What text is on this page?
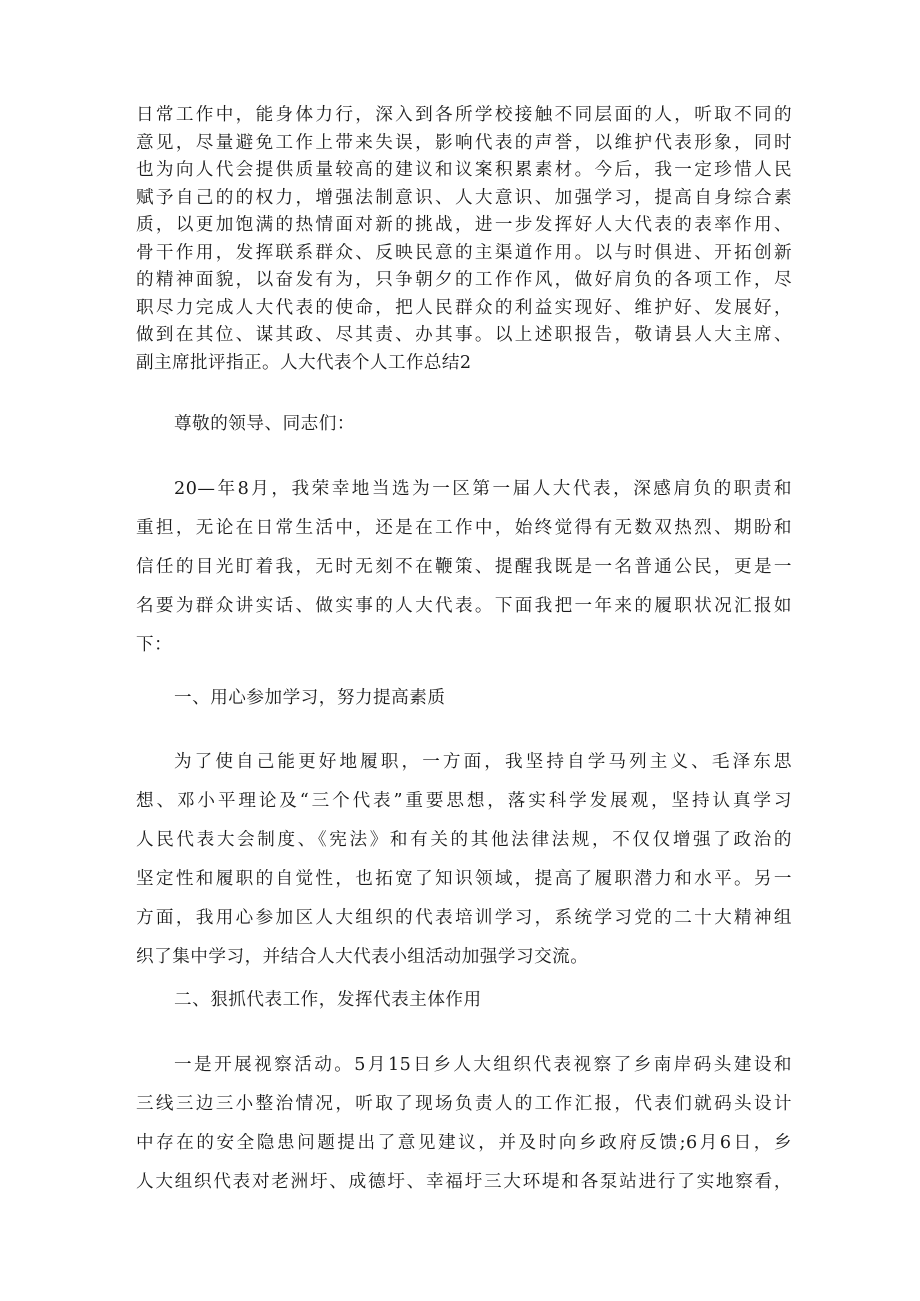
日常工作中，能身体力行，深入到各所学校接触不同层面的人，听取不同的
意见，尽量避免工作上带来失误，影响代表的声誉，以维护代表形象，同时
也为向人代会提供质量较高的建议和议案积累素材。今后，我一定珍惜人民
赋予自己的的权力，增强法制意识、人大意识、加强学习，提高自身综合素
质，以更加饱满的热情面对新的挑战，进一步发挥好人大代表的表率作用、
骨干作用，发挥联系群众、反映民意的主渠道作用。以与时俱进、开拓创新
的精神面貌，以奋发有为，只争朝夕的工作作风，做好肩负的各项工作，尽
职尽力完成人大代表的使命，把人民群众的利益实现好、维护好、发展好，
做到在其位、谋其政、尽其责、办其事。以上述职报告，敬请县人大主席、
副主席批评指正。人大代表个人工作总结2
尊敬的领导、同志们：
20—年8月，我荣幸地当选为一区第一届人大代表，深感肩负的职责和
重担，无论在日常生活中，还是在工作中，始终觉得有无数双热烈、期盼和
信任的目光盯着我，无时无刻不在鞭策、提醒我既是一名普通公民，更是一
名要为群众讲实话、做实事的人大代表。下面我把一年来的履职状况汇报如
下：
一、用心参加学习，努力提高素质
为了使自己能更好地履职，一方面，我坚持自学马列主义、毛泽东思
想、邓小平理论及“三个代表”重要思想，落实科学发展观，坚持认真学习
人民代表大会制度、《宪法》和有关的其他法律法规，不仅仅增强了政治的
坚定性和履职的自觉性，也拓宽了知识领域，提高了履职潜力和水平。另一
方面，我用心参加区人大组织的代表培训学习，系统学习党的二十大精神组
织了集中学习，并结合人大代表小组活动加强学习交流。
二、狠抓代表工作，发挥代表主体作用
一是开展视察活动。5月15日乡人大组织代表视察了乡南岸码头建设和
三线三边三小整治情况，听取了现场负责人的工作汇报，代表们就码头设计
中存在的安全隐患问题提出了意见建议，并及时向乡政府反馈;6月6日，乡
人大组织代表对老洲圩、成德圩、幸福圩三大环堤和各泵站进行了实地察看，
